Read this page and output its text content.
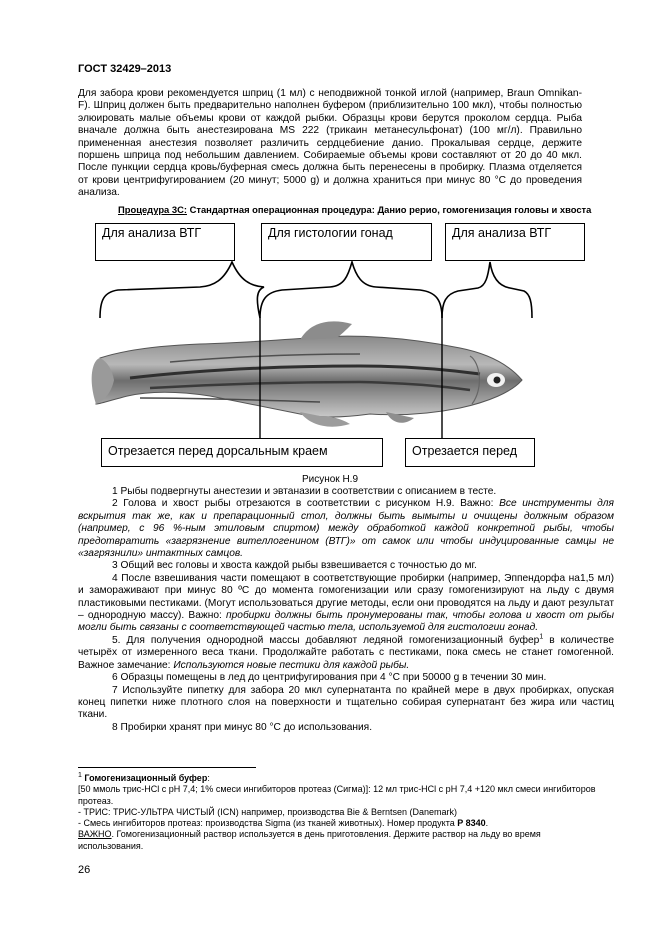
ГОСТ 32429–2013
Для забора крови рекомендуется шприц (1 мл) с неподвижной тонкой иглой (например, Braun Omnikan-F). Шприц должен быть предварительно наполнен буфером (приблизительно 100 мкл), чтобы полностью элюировать малые объемы крови от каждой рыбки. Образцы крови берутся проколом сердца. Рыба вначале должна быть анестезирована MS 222 (трикаин метанесульфонат) (100 мг/л). Правильно примененная анестезия позволяет различить сердцебиение данио. Прокалывая сердце, держите поршень шприца под небольшим давлением. Собираемые объемы крови составляют от 20 до 40 мкл. После пункции сердца кровь/буферная смесь должна быть перенесены в пробирку. Плазма отделяется от крови центрифугированием (20 минут; 5000 g) и должна храниться при минус 80 °С до проведения анализа.
Процедура 3С: Стандартная операционная процедура: Данио рерио, гомогенизация головы и хвоста
Для анализа ВТГ	Для гистологии гонад	Для анализа ВТГ
Отрезается перед дорсальным краем	Отрезается перед
Рисунок Н.9

1 Рыбы подвергнуты анестезии и эвтаназии в соответствии с описанием в тесте.

2 Голова и хвост рыбы отрезаются в соответствии с рисунком Н.9. Важно: Все инструменты для вскрытия так же, как и препарационный стол, должны быть вымыты и очищены должным образом (например, с 96 %-ным этиловым спиртом) между обработкой каждой конкретной рыбы, чтобы предотвратить «загрязнение вителлогенином (ВТГ)» от самок или чтобы индуцированные самцы не «загрязнили» интактных самцов.

3 Общий вес головы и хвоста каждой рыбы взвешивается с точностью до мг.

4 После взвешивания части помещают в соответствующие пробирки (например, Эппендорфа на1,5 мл) и замораживают при минус 80 ºС до момента гомогенизации или сразу гомогенизируют на льду с двумя пластиковыми пестиками. (Могут использоваться другие методы, если они проводятся на льду и дают результат – однородную массу). Важно: пробирки должны быть пронумерованы так, чтобы голова и хвост от рыбы могли быть связаны с соответствующей частью тела, используемой для гистологии гонад.

5. Для получения однородной массы добавляют ледяной гомогенизационный буфер$^1$ в количестве четырёх от измеренного веса ткани. Продолжайте работать с пестиками, пока смесь не станет гомогенной. Важное замечание: Используются новые пестики для каждой рыбы.

6 Образцы помещены в лед до центрифугирования при 4 °С при 50000 g в течении 30 мин.

7 Используйте пипетку для забора 20 мкл супернатанта по крайней мере в двух пробирках, опуская конец пипетки ниже плотного слоя на поверхности и тщательно собирая супернатант без жира или частиц ткани.

8 Пробирки хранят при минус 80 °С до использования.

$^1$ Гомогенизационный буфер:
[50 ммоль трис-HCl с pH 7,4; 1% смеси ингибиторов протеаз (Сигма)]: 12 мл трис-HCl с pH 7,4 +120 мкл смеси ингибиторов протеаз.
- ТРИС: ТРИС-УЛЬТРА ЧИСТЫЙ (ICN) например, производства Bie & Berntsen (Danemark)
- Смесь ингибиторов протеаз: производства Sigma (из тканей животных). Номер продукта P 8340.
ВАЖНО. Гомогенизационный раствор используется в день приготовления. Держите раствор на льду во время использования.
26
